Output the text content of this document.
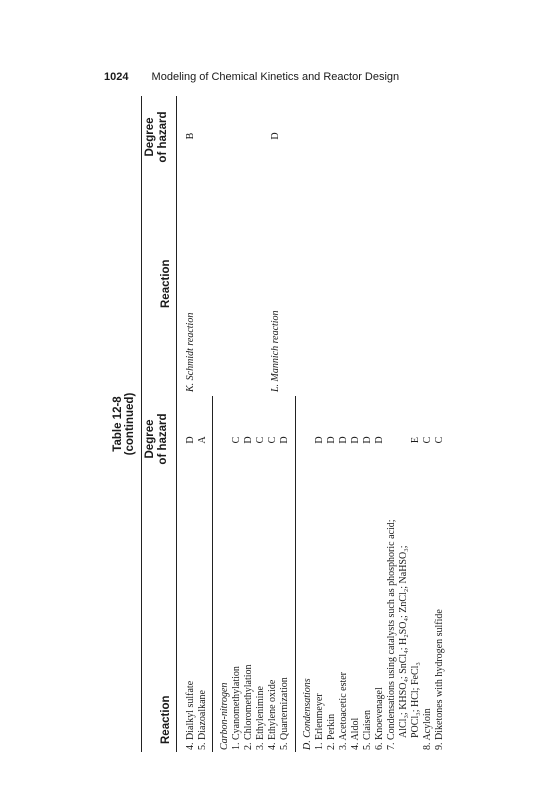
1024 Modeling of Chemical Kinetics and Reactor Design
Table 12-8 (continued)
Reaction
Degree of hazard
Reaction
Degree of hazard
4. Dialkyl sulfate
D
5. Diazoalkane
A
Carbon-nitrogen 1. Cyanomethylation
C
2. Chloromethylation
D
3. Ethylenimine
C
4. Ethylene oxide
C
5. Quarternization
D
D. Condensations 1. Erlenmeyer
D
2. Perkin
D
3. Acetoacetic ester
D
4. Aldol
D
5. Claisen
D
6. Knoevenagel
D
7. Condensations using catalysts such as phosphoric acid; AlCl₃; KHSO₄; SnCl₄; H₂SO₄; ZnCl₂; NaHSO₃; POCl₃; HCl; FeCl₃
E
8. Acyloin
C
9. Diketones with hydrogen sulfide
C
K. Schmidt reaction
B
L. Mannich reaction
D
